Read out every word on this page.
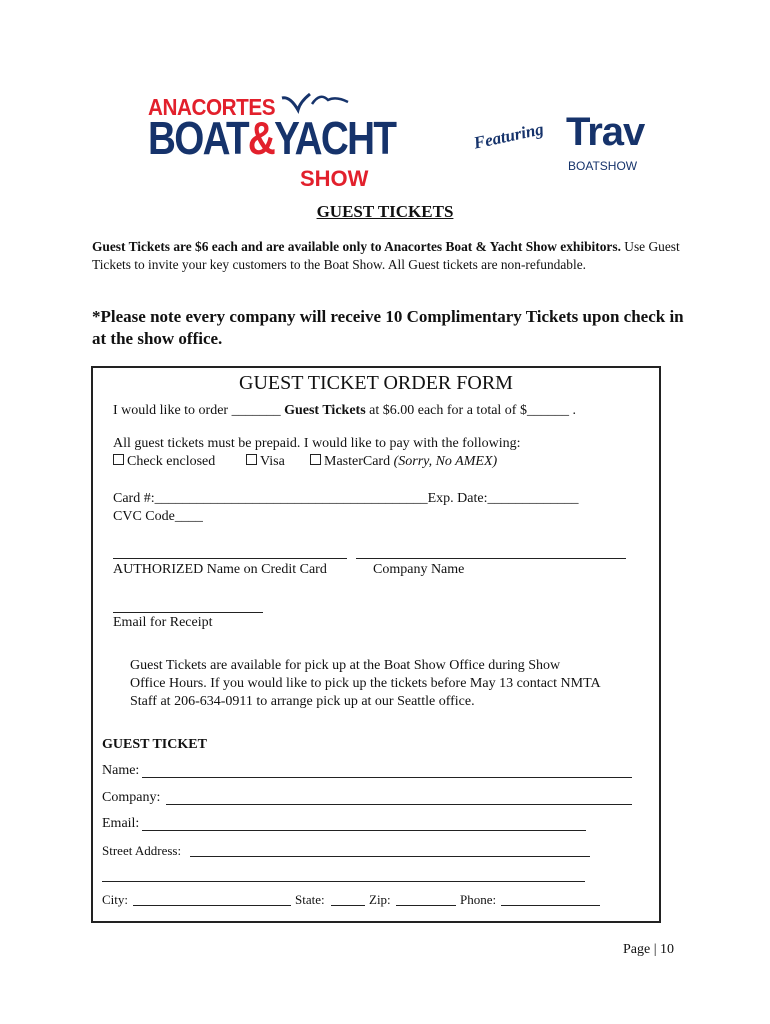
ANACORTES
BOAT&YACHT
SHOW
Featuring Trav
BOATSHOW
GUEST TICKETS
Guest Tickets are $6 each and are available only to Anacortes Boat & Yacht Show exhibitors. Use Guest Tickets to invite your key customers to the Boat Show. All Guest tickets are non-refundable.
*Please note every company will receive 10 Complimentary Tickets upon check in at the show office.
GUEST TICKET ORDER FORM
I would like to order _______ Guest Tickets at $6.00 each for a total of $______ .
All guest tickets must be prepaid. I would like to pay with the following:
Check enclosed	Visa	MasterCard (Sorry, No AMEX)
Card #:_______________________________________Exp. Date:_____________
CVC Code____
AUTHORIZED Name on Credit Card	Company Name
Email for Receipt
Guest Tickets are available for pick up at the Boat Show Office during Show
Office Hours. If you would like to pick up the tickets before May 13 contact NMTA
Staff at 206-634-0911 to arrange pick up at our Seattle office.
GUEST TICKET
Name:
Company:
Email:
Street Address:
City:	State:	Zip:	Phone:
Page | 10
